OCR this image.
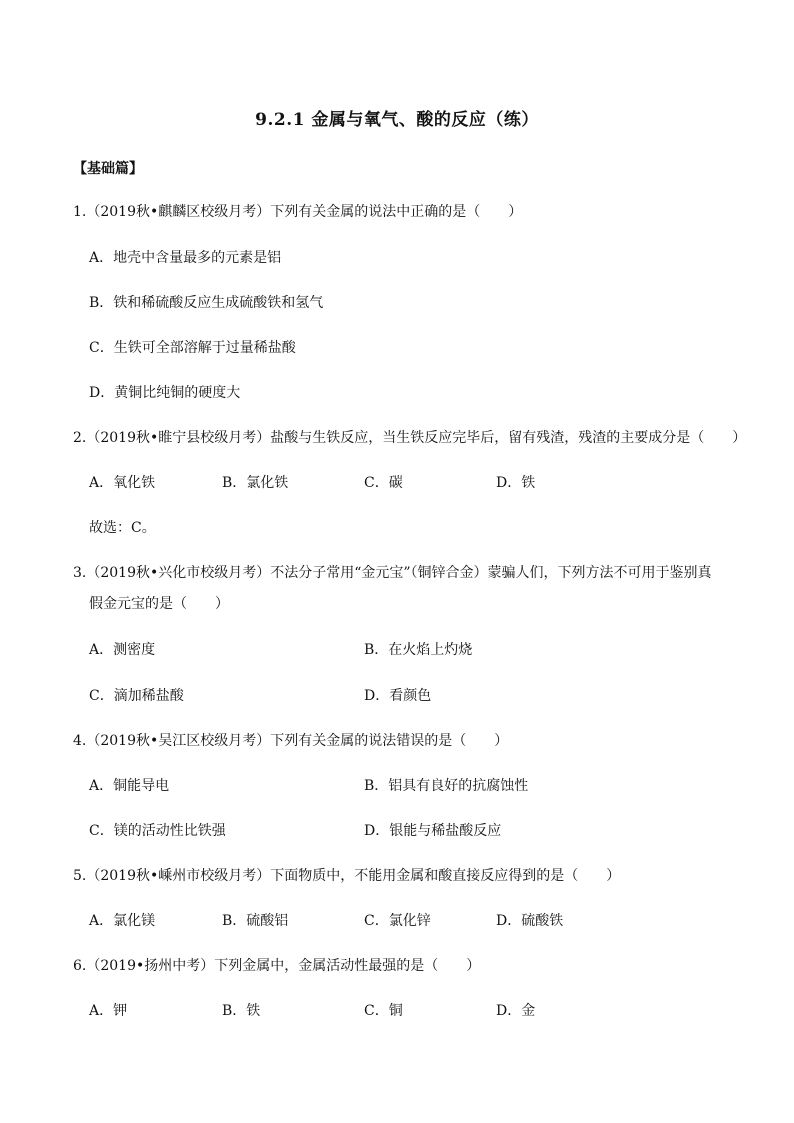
9.2.1 金属与氧气、酸的反应（练）
【基础篇】
1.（2019秋•麒麟区校级月考）下列有关金属的说法中正确的是（　　）
A．地壳中含量最多的元素是铝
B．铁和稀硫酸反应生成硫酸铁和氢气
C．生铁可全部溶解于过量稀盐酸
D．黄铜比纯铜的硬度大
2.（2019秋•睢宁县校级月考）盐酸与生铁反应，当生铁反应完毕后，留有残渣，残渣的主要成分是（　　）
A．氧化铁	B．氯化铁	C．碳	D．铁
故选：C。
3.（2019秋•兴化市校级月考）不法分子常用“金元宝”（铜锌合金）蒙骗人们，下列方法不可用于鉴别真
假金元宝的是（　　）
A．测密度	B．在火焰上灼烧
C．滴加稀盐酸	D．看颜色
4.（2019秋•吴江区校级月考）下列有关金属的说法错误的是（　　）
A．铜能导电	B．铝具有良好的抗腐蚀性
C．镁的活动性比铁强	D．银能与稀盐酸反应
5.（2019秋•嵊州市校级月考）下面物质中，不能用金属和酸直接反应得到的是（　　）
A．氯化镁	B．硫酸铝	C．氯化锌	D．硫酸铁
6.（2019•扬州中考）下列金属中，金属活动性最强的是（　　）
A．钾	B．铁	C．铜	D．金
